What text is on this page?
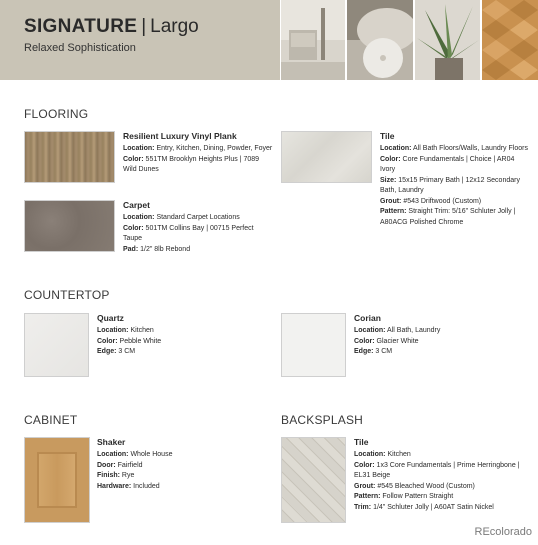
SIGNATURE | Largo
Relaxed Sophistication
FLOORING
Resilient Luxury Vinyl Plank
Location: Entry, Kitchen, Dining, Powder, Foyer
Color: 551TM Brooklyn Heights Plus | 7089 Wild Dunes
Carpet
Location: Standard Carpet Locations
Color: 501TM Collins Bay | 00715 Perfect Taupe
Pad: 1/2" 8lb Rebond
Tile
Location: All Bath Floors/Walls, Laundry Floors
Color: Core Fundamentals | Choice | AR04 Ivory
Size: 15x15 Primary Bath | 12x12 Secondary Bath, Laundry
Grout: #543 Driftwood (Custom)
Pattern: Straight Trim: 5/16" Schluter Jolly | A80ACG Polished Chrome
COUNTERTOP
Quartz
Location: Kitchen
Color: Pebble White
Edge: 3 CM
Corian
Location: All Bath, Laundry
Color: Glacier White
Edge: 3 CM
CABINET
Shaker
Location: Whole House
Door: Fairfield
Finish: Rye
Hardware: Included
BACKSPLASH
Tile
Location: Kitchen
Color: 1x3 Core Fundamentals | Prime Herringbone | EL31 Beige
Grout: #545 Bleached Wood (Custom)
Pattern: Follow Pattern Straight
Trim: 1/4" Schluter Jolly | A60AT Satin Nickel
REcolorado
